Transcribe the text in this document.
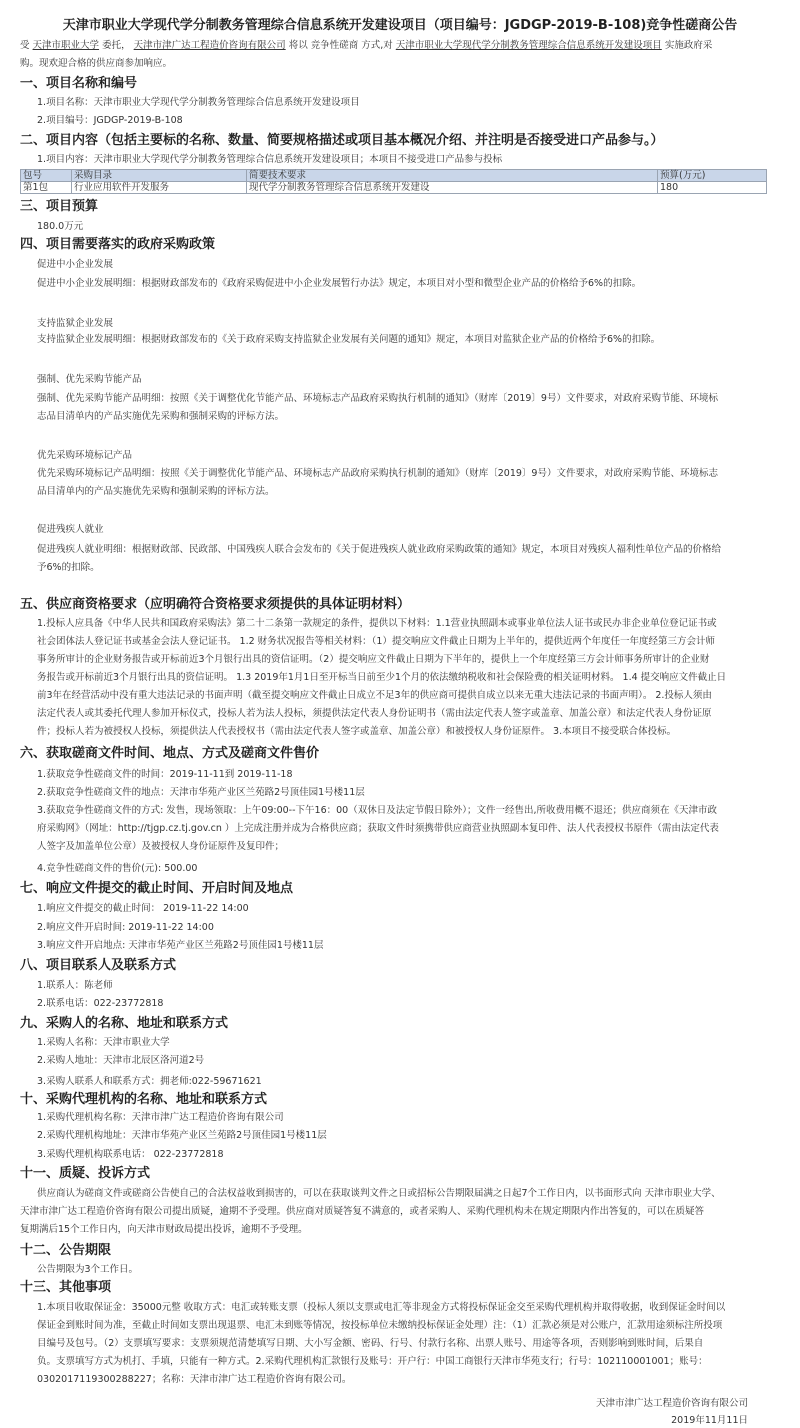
天津市职业大学现代学分制教务管理综合信息系统开发建设项目（项目编号：JGDGP-2019-B-108)竞争性磋商公告
受 天津市职业大学 委托， 天津市津广达工程造价咨询有限公司 将以 竞争性磋商 方式,对 天津市职业大学现代学分制教务管理综合信息系统开发建设项目 实施政府采
购。现欢迎合格的供应商参加响应。
一、项目名称和编号
1.项目名称：天津市职业大学现代学分制教务管理综合信息系统开发建设项目
2.项目编号：JGDGP-2019-B-108
二、项目内容（包括主要标的名称、数量、简要规格描述或项目基本概况介绍、并注明是否接受进口产品参与。）
1.项目内容：天津市职业大学现代学分制教务管理综合信息系统开发建设项目；本项目不接受进口产品参与投标
包号	采购目录	简要技术要求	预算(万元)
第1包	行业应用软件开发服务	现代学分制教务管理综合信息系统开发建设	180
三、项目预算
180.0万元
四、项目需要落实的政府采购政策
促进中小企业发展
促进中小企业发展明细：根据财政部发布的《政府采购促进中小企业发展暂行办法》规定，本项目对小型和微型企业产品的价格给予6%的扣除。
支持监狱企业发展
支持监狱企业发展明细：根据财政部发布的《关于政府采购支持监狱企业发展有关问题的通知》规定，本项目对监狱企业产品的价格给予6%的扣除。
强制、优先采购节能产品
强制、优先采购节能产品明细：按照《关于调整优化节能产品、环境标志产品政府采购执行机制的通知》（财库〔2019〕9号）文件要求，对政府采购节能、环境标
志品目清单内的产品实施优先采购和强制采购的评标方法。
优先采购环境标记产品
优先采购环境标记产品明细：按照《关于调整优化节能产品、环境标志产品政府采购执行机制的通知》（财库〔2019〕9号）文件要求，对政府采购节能、环境标志
品目清单内的产品实施优先采购和强制采购的评标方法。
促进残疾人就业
促进残疾人就业明细：根据财政部、民政部、中国残疾人联合会发布的《关于促进残疾人就业政府采购政策的通知》规定，本项目对残疾人福利性单位产品的价格给
予6%的扣除。
五、供应商资格要求（应明确符合资格要求须提供的具体证明材料）
1.投标人应具备《中华人民共和国政府采购法》第二十二条第一款规定的条件，提供以下材料：1.1营业执照副本或事业单位法人证书或民办非企业单位登记证书或
社会团体法人登记证书或基金会法人登记证书。 1.2 财务状况报告等相关材料：（1）提交响应文件截止日期为上半年的，提供近两个年度任一年度经第三方会计师
事务所审计的企业财务报告或开标前近3个月银行出具的资信证明。（2）提交响应文件截止日期为下半年的，提供上一个年度经第三方会计师事务所审计的企业财
务报告或开标前近3个月银行出具的资信证明。 1.3 2019年1月1日至开标当日前至少1个月的依法缴纳税收和社会保险费的相关证明材料。 1.4 提交响应文件截止日
前3年在经营活动中没有重大违法记录的书面声明（截至提交响应文件截止日成立不足3年的供应商可提供自成立以来无重大违法记录的书面声明）。 2.投标人须由
法定代表人或其委托代理人参加开标仪式，投标人若为法人投标，须提供法定代表人身份证明书（需由法定代表人签字或盖章、加盖公章）和法定代表人身份证原
件；投标人若为被授权人投标，须提供法人代表授权书（需由法定代表人签字或盖章、加盖公章）和被授权人身份证原件。 3.本项目不接受联合体投标。
六、获取磋商文件时间、地点、方式及磋商文件售价
1.获取竞争性磋商文件的时间：2019-11-11到 2019-11-18
2.获取竞争性磋商文件的地点：天津市华苑产业区兰苑路2号顶佳园1号楼11层
3.获取竞争性磋商文件的方式: 发售，现场领取：上午09:00--下午16：00（双休日及法定节假日除外）；文件一经售出,所收费用概不退还；供应商须在《天津市政
府采购网》（网址：http://tjgp.cz.tj.gov.cn ）上完成注册并成为合格供应商；获取文件时须携带供应商营业执照副本复印件、法人代表授权书原件（需由法定代表
人签字及加盖单位公章）及被授权人身份证原件及复印件；
4.竞争性磋商文件的售价(元): 500.00
七、响应文件提交的截止时间、开启时间及地点
1.响应文件提交的截止时间： 2019-11-22 14:00
2.响应文件开启时间: 2019-11-22 14:00
3.响应文件开启地点: 天津市华苑产业区兰苑路2号顶佳园1号楼11层
八、项目联系人及联系方式
1.联系人：陈老师
2.联系电话：022-23772818
九、采购人的名称、地址和联系方式
1.采购人名称：天津市职业大学
2.采购人地址：天津市北辰区洛河道2号
3.采购人联系人和联系方式：拥老师:022-59671621
十、采购代理机构的名称、地址和联系方式
1.采购代理机构名称：天津市津广达工程造价咨询有限公司
2.采购代理机构地址：天津市华苑产业区兰苑路2号顶佳园1号楼11层
3.采购代理机构联系电话： 022-23772818
十一、质疑、投诉方式
供应商认为磋商文件或磋商公告使自己的合法权益收到损害的，可以在获取谈判文件之日或招标公告期限届满之日起7个工作日内，以书面形式向 天津市职业大学、
天津市津广达工程造价咨询有限公司提出质疑，逾期不予受理。供应商对质疑答复不满意的，或者采购人、采购代理机构未在规定期限内作出答复的，可以在质疑答
复期满后15个工作日内，向天津市财政局提出投诉，逾期不予受理。
十二、公告期限
公告期限为3个工作日。
十三、其他事项
1.本项目收取保证金：35000元整 收取方式：电汇或转账支票（投标人须以支票或电汇等非现金方式将投标保证金交至采购代理机构并取得收据，收到保证金时间以
保证金到账时间为准，至截止时间如支票出现退票、电汇未到账等情况，按投标单位未缴纳投标保证金处理）注：（1）汇款必须是对公账户，汇款用途须标注所投项
目编号及包号。（2）支票填写要求：支票须规范清楚填写日期、大小写金额、密码、行号、付款行名称、出票人账号、用途等各项，否则影响到账时间，后果自
负。支票填写方式为机打、手填，只能有一种方式。2.采购代理机构汇款银行及账号：开户行：中国工商银行天津市华苑支行；行号：102110001001；账号：
0302017119300288227；名称：天津市津广达工程造价咨询有限公司。
天津市津广达工程造价咨询有限公司
2019年11月11日
